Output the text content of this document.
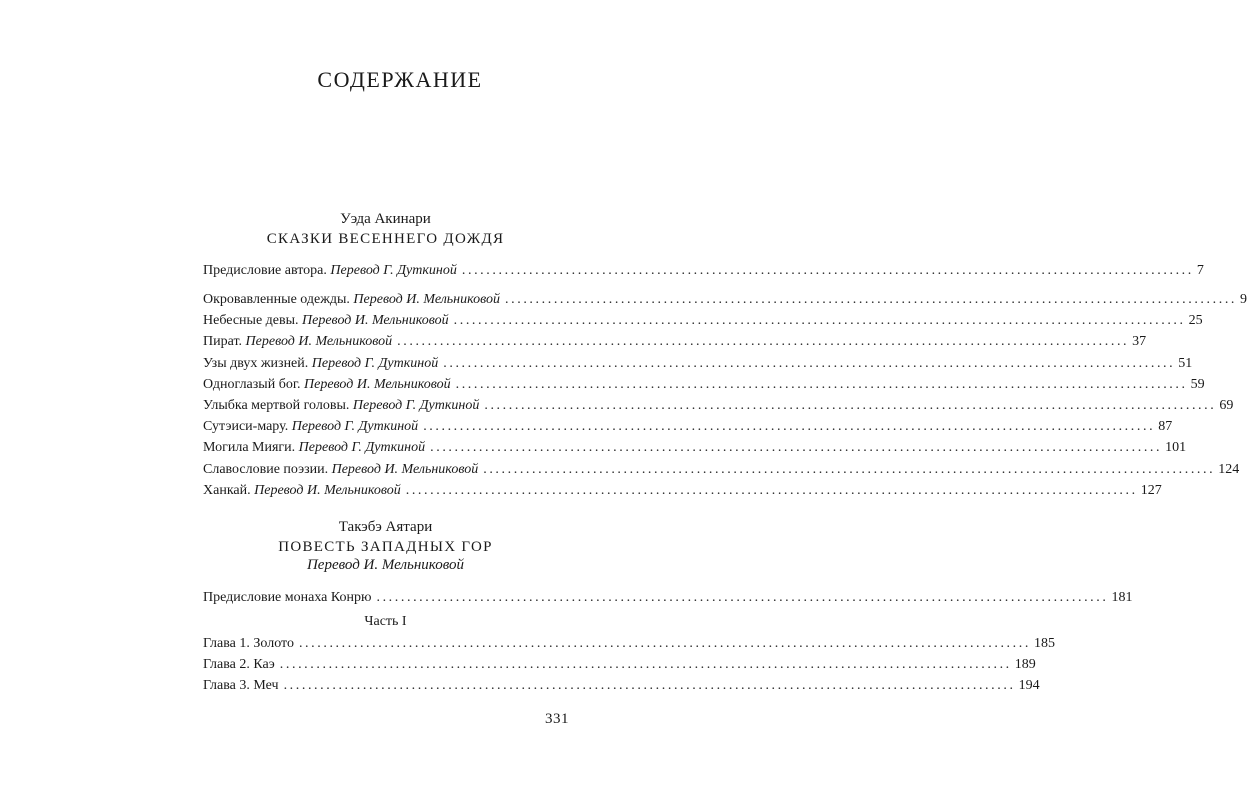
СОДЕРЖАНИЕ
Уэда Акинари
СКАЗКИ ВЕСЕННЕГО ДОЖДЯ
Предисловие автора. Перевод Г. Дуткиной ........................................................................................................................ 7
Окровавленные одежды. Перевод И. Мельниковой ........................................................................................................................ 9
Небесные девы. Перевод И. Мельниковой ........................................................................................................................ 25
Пират. Перевод И. Мельниковой ........................................................................................................................ 37
Узы двух жизней. Перевод Г. Дуткиной ........................................................................................................................ 51
Одноглазый бог. Перевод И. Мельниковой ........................................................................................................................ 59
Улыбка мертвой головы. Перевод Г. Дуткиной ........................................................................................................................ 69
Сутэиси-мару. Перевод Г. Дуткиной ........................................................................................................................ 87
Могила Мияги. Перевод Г. Дуткиной ........................................................................................................................ 101
Славословие поэзии. Перевод И. Мельниковой ........................................................................................................................ 124
Ханкай. Перевод И. Мельниковой ........................................................................................................................ 127
Такэбэ Аятари
ПОВЕСТЬ ЗАПАДНЫХ ГОР
Перевод И. Мельниковой
Предисловие монаха Конрю ........................................................................................................................ 181
Часть I
Глава 1. Золото ........................................................................................................................ 185
Глава 2. Каэ ........................................................................................................................ 189
Глава 3. Меч ........................................................................................................................ 194
331
